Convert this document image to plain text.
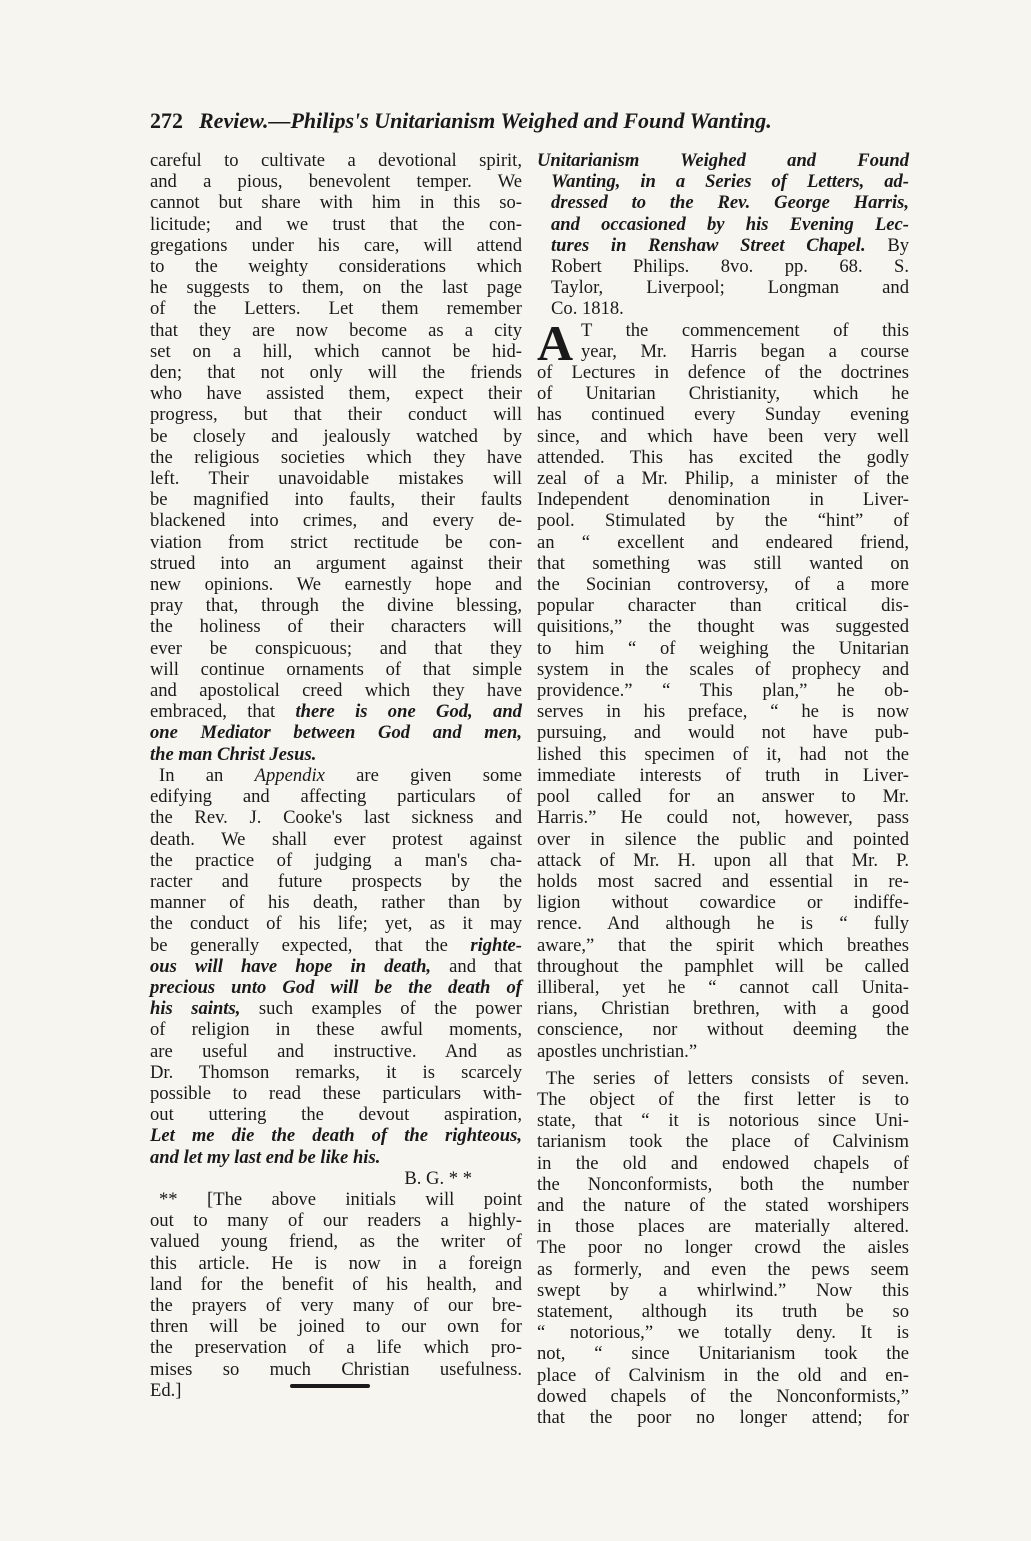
272 Review.—Philips's Unitarianism Weighed and Found Wanting.
careful to cultivate a devotional spirit,
and a pious, benevolent temper. We
cannot but share with him in this so-
licitude; and we trust that the con-
gregations under his care, will attend
to the weighty considerations which
he suggests to them, on the last page
of the Letters. Let them remember
that they are now become as a city
set on a hill, which cannot be hid-
den; that not only will the friends
who have assisted them, expect their
progress, but that their conduct will
be closely and jealously watched by
the religious societies which they have
left. Their unavoidable mistakes will
be magnified into faults, their faults
blackened into crimes, and every de-
viation from strict rectitude be con-
strued into an argument against their
new opinions. We earnestly hope and
pray that, through the divine blessing,
the holiness of their characters will
ever be conspicuous; and that they
will continue ornaments of that simple
and apostolical creed which they have
embraced, that there is one God, and
one Mediator between God and men,
the man Christ Jesus.
In an Appendix are given some
edifying and affecting particulars of
the Rev. J. Cooke's last sickness and
death. We shall ever protest against
the practice of judging a man's cha-
racter and future prospects by the
manner of his death, rather than by
the conduct of his life; yet, as it may
be generally expected, that the righte-
ous will have hope in death, and that
precious unto God will be the death of
his saints, such examples of the power
of religion in these awful moments,
are useful and instructive. And as
Dr. Thomson remarks, it is scarcely
possible to read these particulars with-
out uttering the devout aspiration,
Let me die the death of the righteous,
and let my last end be like his.
B. G. * *
** [The above initials will point
out to many of our readers a highly-
valued young friend, as the writer of
this article. He is now in a foreign
land for the benefit of his health, and
the prayers of very many of our bre-
thren will be joined to our own for
the preservation of a life which pro-
mises so much Christian usefulness.
Ed.]
Unitarianism Weighed and Found
Wanting, in a Series of Letters, ad-
dressed to the Rev. George Harris,
and occasioned by his Evening Lec-
tures in Renshaw Street Chapel. By
Robert Philips. 8vo. pp. 68. S.
Taylor, Liverpool; Longman and
Co. 1818.
A T the commencement of this
year, Mr. Harris began a course
of Lectures in defence of the doctrines
of Unitarian Christianity, which he
has continued every Sunday evening
since, and which have been very well
attended. This has excited the godly
zeal of a Mr. Philip, a minister of the
Independent denomination in Liver-
pool. Stimulated by the “hint” of
an “ excellent and endeared friend,
that something was still wanted on
the Socinian controversy, of a more
popular character than critical dis-
quisitions,” the thought was suggested
to him “ of weighing the Unitarian
system in the scales of prophecy and
providence.” “ This plan,” he ob-
serves in his preface, “ he is now
pursuing, and would not have pub-
lished this specimen of it, had not the
immediate interests of truth in Liver-
pool called for an answer to Mr.
Harris.” He could not, however, pass
over in silence the public and pointed
attack of Mr. H. upon all that Mr. P.
holds most sacred and essential in re-
ligion without cowardice or indiffe-
rence. And although he is “ fully
aware,” that the spirit which breathes
throughout the pamphlet will be called
illiberal, yet he “ cannot call Unita-
rians, Christian brethren, with a good
conscience, nor without deeming the
apostles unchristian.”
The series of letters consists of seven.
The object of the first letter is to
state, that “ it is notorious since Uni-
tarianism took the place of Calvinism
in the old and endowed chapels of
the Nonconformists, both the number
and the nature of the stated worshipers
in those places are materially altered.
The poor no longer crowd the aisles
as formerly, and even the pews seem
swept by a whirlwind.” Now this
statement, although its truth be so
“ notorious,” we totally deny. It is
not, “ since Unitarianism took the
place of Calvinism in the old and en-
dowed chapels of the Nonconformists,”
that the poor no longer attend; for
